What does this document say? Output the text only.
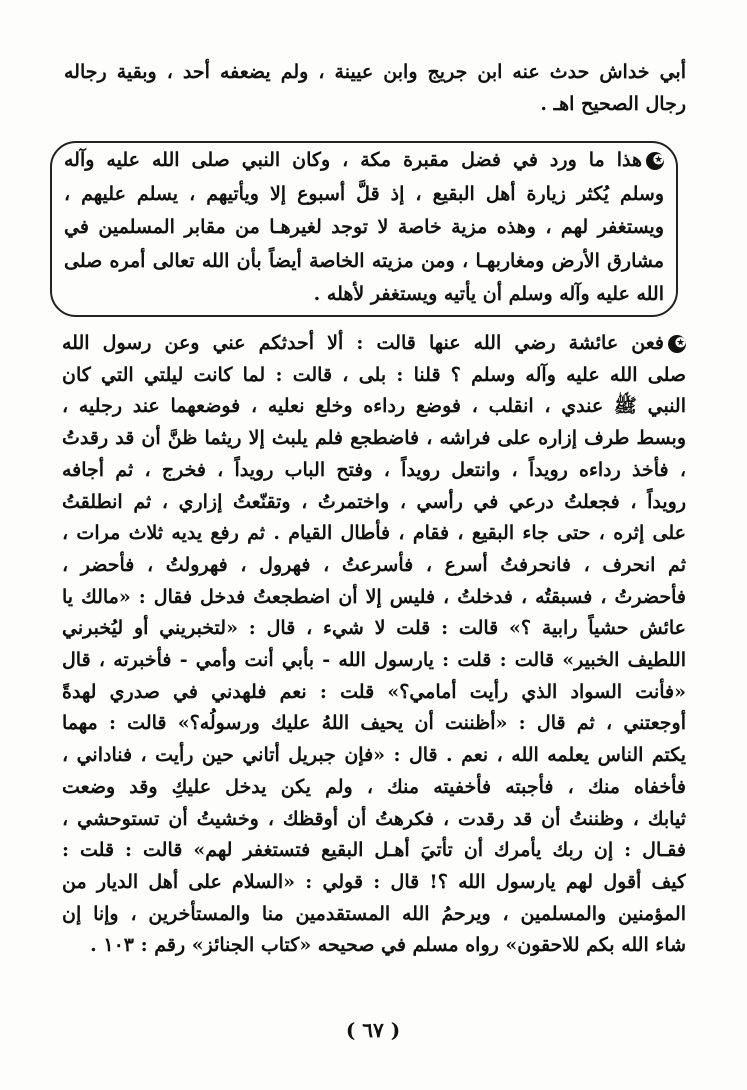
أبي خداش حدث عنه ابن جريج وابن عيينة ، ولم يضعفه أحد ، وبقية رجاله
رجال الصحيح اهـ .
✪هذا ما ورد في فضل مقبرة مكة ، وكان النبي صلى الله عليه وآله
وسلم يُكثر زيارة أهل البقيع ، إذ قلَّ أسبوع إلا ويأتيهم ، يسلم عليهم ،
ويستغفر لهم ، وهذه مزية خاصة لا توجد لغيرهـا من مقابر المسلمين في
مشارق الأرض ومغاربهـا ، ومن مزيته الخاصة أيضاً بأن الله تعالى أمره صلى
الله عليه وآله وسلم أن يأتيه ويستغفر لأهله .
✪فعن عائشة رضي الله عنها قالت : ألا أحدثكم عني وعن رسول الله
صلى الله عليه وآله وسلم ؟ قلنا : بلى ، قالت : لما كانت ليلتي التي كان
النبي ﷺ عندي ، انقلب ، فوضع رداءه وخلع نعليه ، فوضعهما عند رجليه ،
وبسط طرف إزاره على فراشه ، فاضطجع فلم يلبث إلا ريثما ظنَّ أن قد رقدتُ
، فأخذ رداءه رويداً ، وانتعل رويداً ، وفتح الباب رويداً ، فخرج ، ثم أجافه
رويداً ، فجعلتُ درعي في رأسي ، واختمرتُ ، وتقنّعتُ إزاري ، ثم انطلقتُ
على إثره ، حتى جاء البقيع ، فقام ، فأطال القيام . ثم رفع يديه ثلاث مرات ،
ثم انحرف ، فانحرفتُ أسرع ، فأسرعتُ ، فهرول ، فهرولتُ ، فأحضر ،
فأحضرتُ ، فسبقتُه ، فدخلتُ ، فليس إلا أن اضطجعتُ فدخل فقال : «مالك يا
عائش حشياً رابية ؟» قالت : قلت لا شيء ، قال : «لتخبريني أو ليُخبرني
اللطيف الخبير» قالت : قلت : يارسول الله - بأبي أنت وأمي - فأخبرته ، قال
«فأنت السواد الذي رأيت أمامي؟» قلت : نعم فلهدني في صدري لهدةً
أوجعتني ، ثم قال : «أظننت أن يحيف اللهُ عليك ورسولُه؟» قالت : مهما
يكتم الناس يعلمه الله ، نعم . قال : «فإن جبريل أتاني حين رأيت ، فناداني ،
فأخفاه منك ، فأجبته فأخفيته منك ، ولم يكن يدخل عليكِ وقد وضعت
ثيابك ، وظننتُ أن قد رقدت ، فكرهتُ أن أوقظك ، وخشيتُ أن تستوحشي ،
فقـال : إن ربك يأمرك أن تأتيَ أهـل البقيع فتستغفر لهم» قالت : قلت :
كيف أقول لهم يارسول الله ؟! قال : قولي : «السلام على أهل الديار من
المؤمنين والمسلمين ، ويرحمُ الله المستقدمين منا والمستأخرين ، وإنا إن
شاء الله بكم للاحقون» رواه مسلم في صحيحه «كتاب الجنائز» رقم : ١٠٣ .
( ٦٧ )
